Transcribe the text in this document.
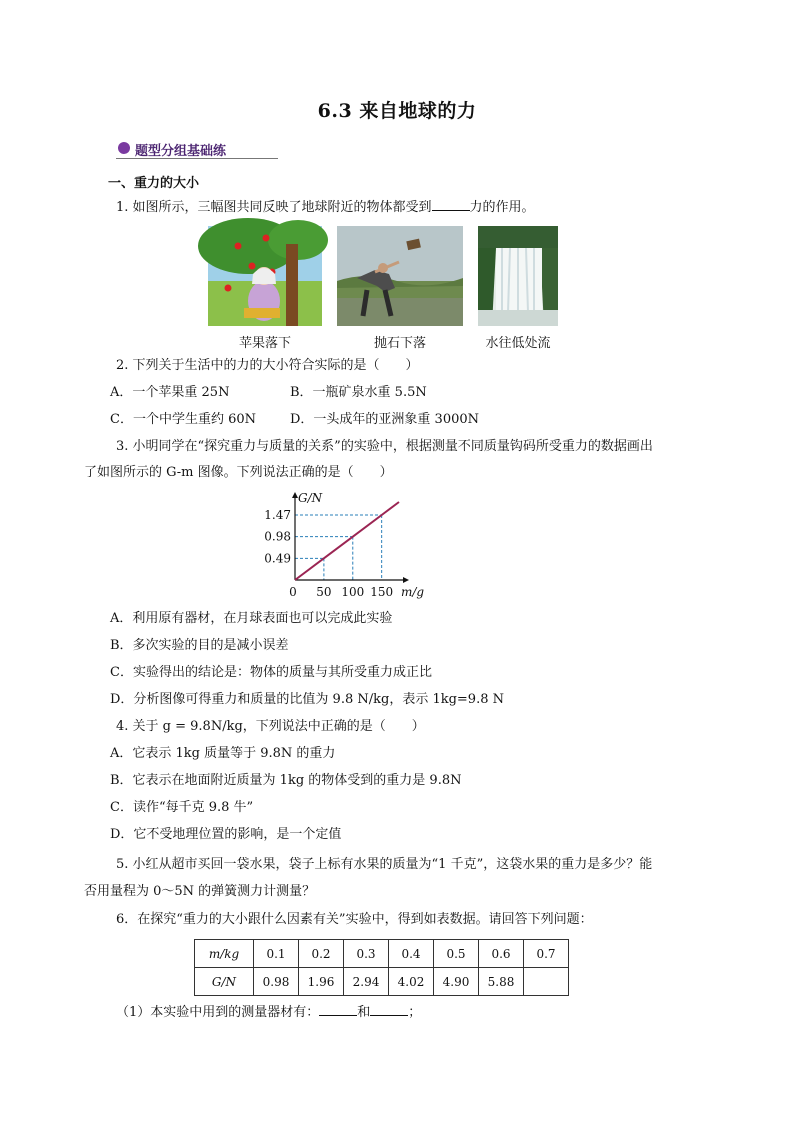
6.3 来自地球的力
题型分组基础练
一、重力的大小
1. 如图所示，三幅图共同反映了地球附近的物体都受到	力的作用。
苹果落下	抛石下落	水往低处流
2. 下列关于生活中的力的大小符合实际的是（　　）
A．一个苹果重 25N	B．一瓶矿泉水重 5.5N
C．一个中学生重约 60N	D．一头成年的亚洲象重 3000N
3. 小明同学在“探究重力与质量的关系”的实验中，根据测量不同质量钩码所受重力的数据画出
了如图所示的 G-m 图像。下列说法正确的是（　　）
0.49
0.98
1.47
0 50 100 150
G/N
m/g
A．利用原有器材，在月球表面也可以完成此实验
B．多次实验的目的是减小误差
C．实验得出的结论是：物体的质量与其所受重力成正比
D．分析图像可得重力和质量的比值为 9.8 N/kg，表示 1kg=9.8 N
4. 关于 g = 9.8N/kg，下列说法中正确的是（　　）
A．它表示 1kg 质量等于 9.8N 的重力
B．它表示在地面附近质量为 1kg 的物体受到的重力是 9.8N
C．读作“每千克 9.8 牛”
D．它不受地理位置的影响，是一个定值
5. 小红从超市买回一袋水果，袋子上标有水果的质量为“1 千克”，这袋水果的重力是多少？能
否用量程为 0～5N 的弹簧测力计测量？
6．在探究“重力的大小跟什么因素有关”实验中，得到如表数据。请回答下列问题：
m/kg	0.1	0.2	0.3	0.4	0.5	0.6	0.7
G/N	0.98	1.96	2.94	4.02	4.90	5.88	
（1）本实验中用到的测量器材有：	和	；
